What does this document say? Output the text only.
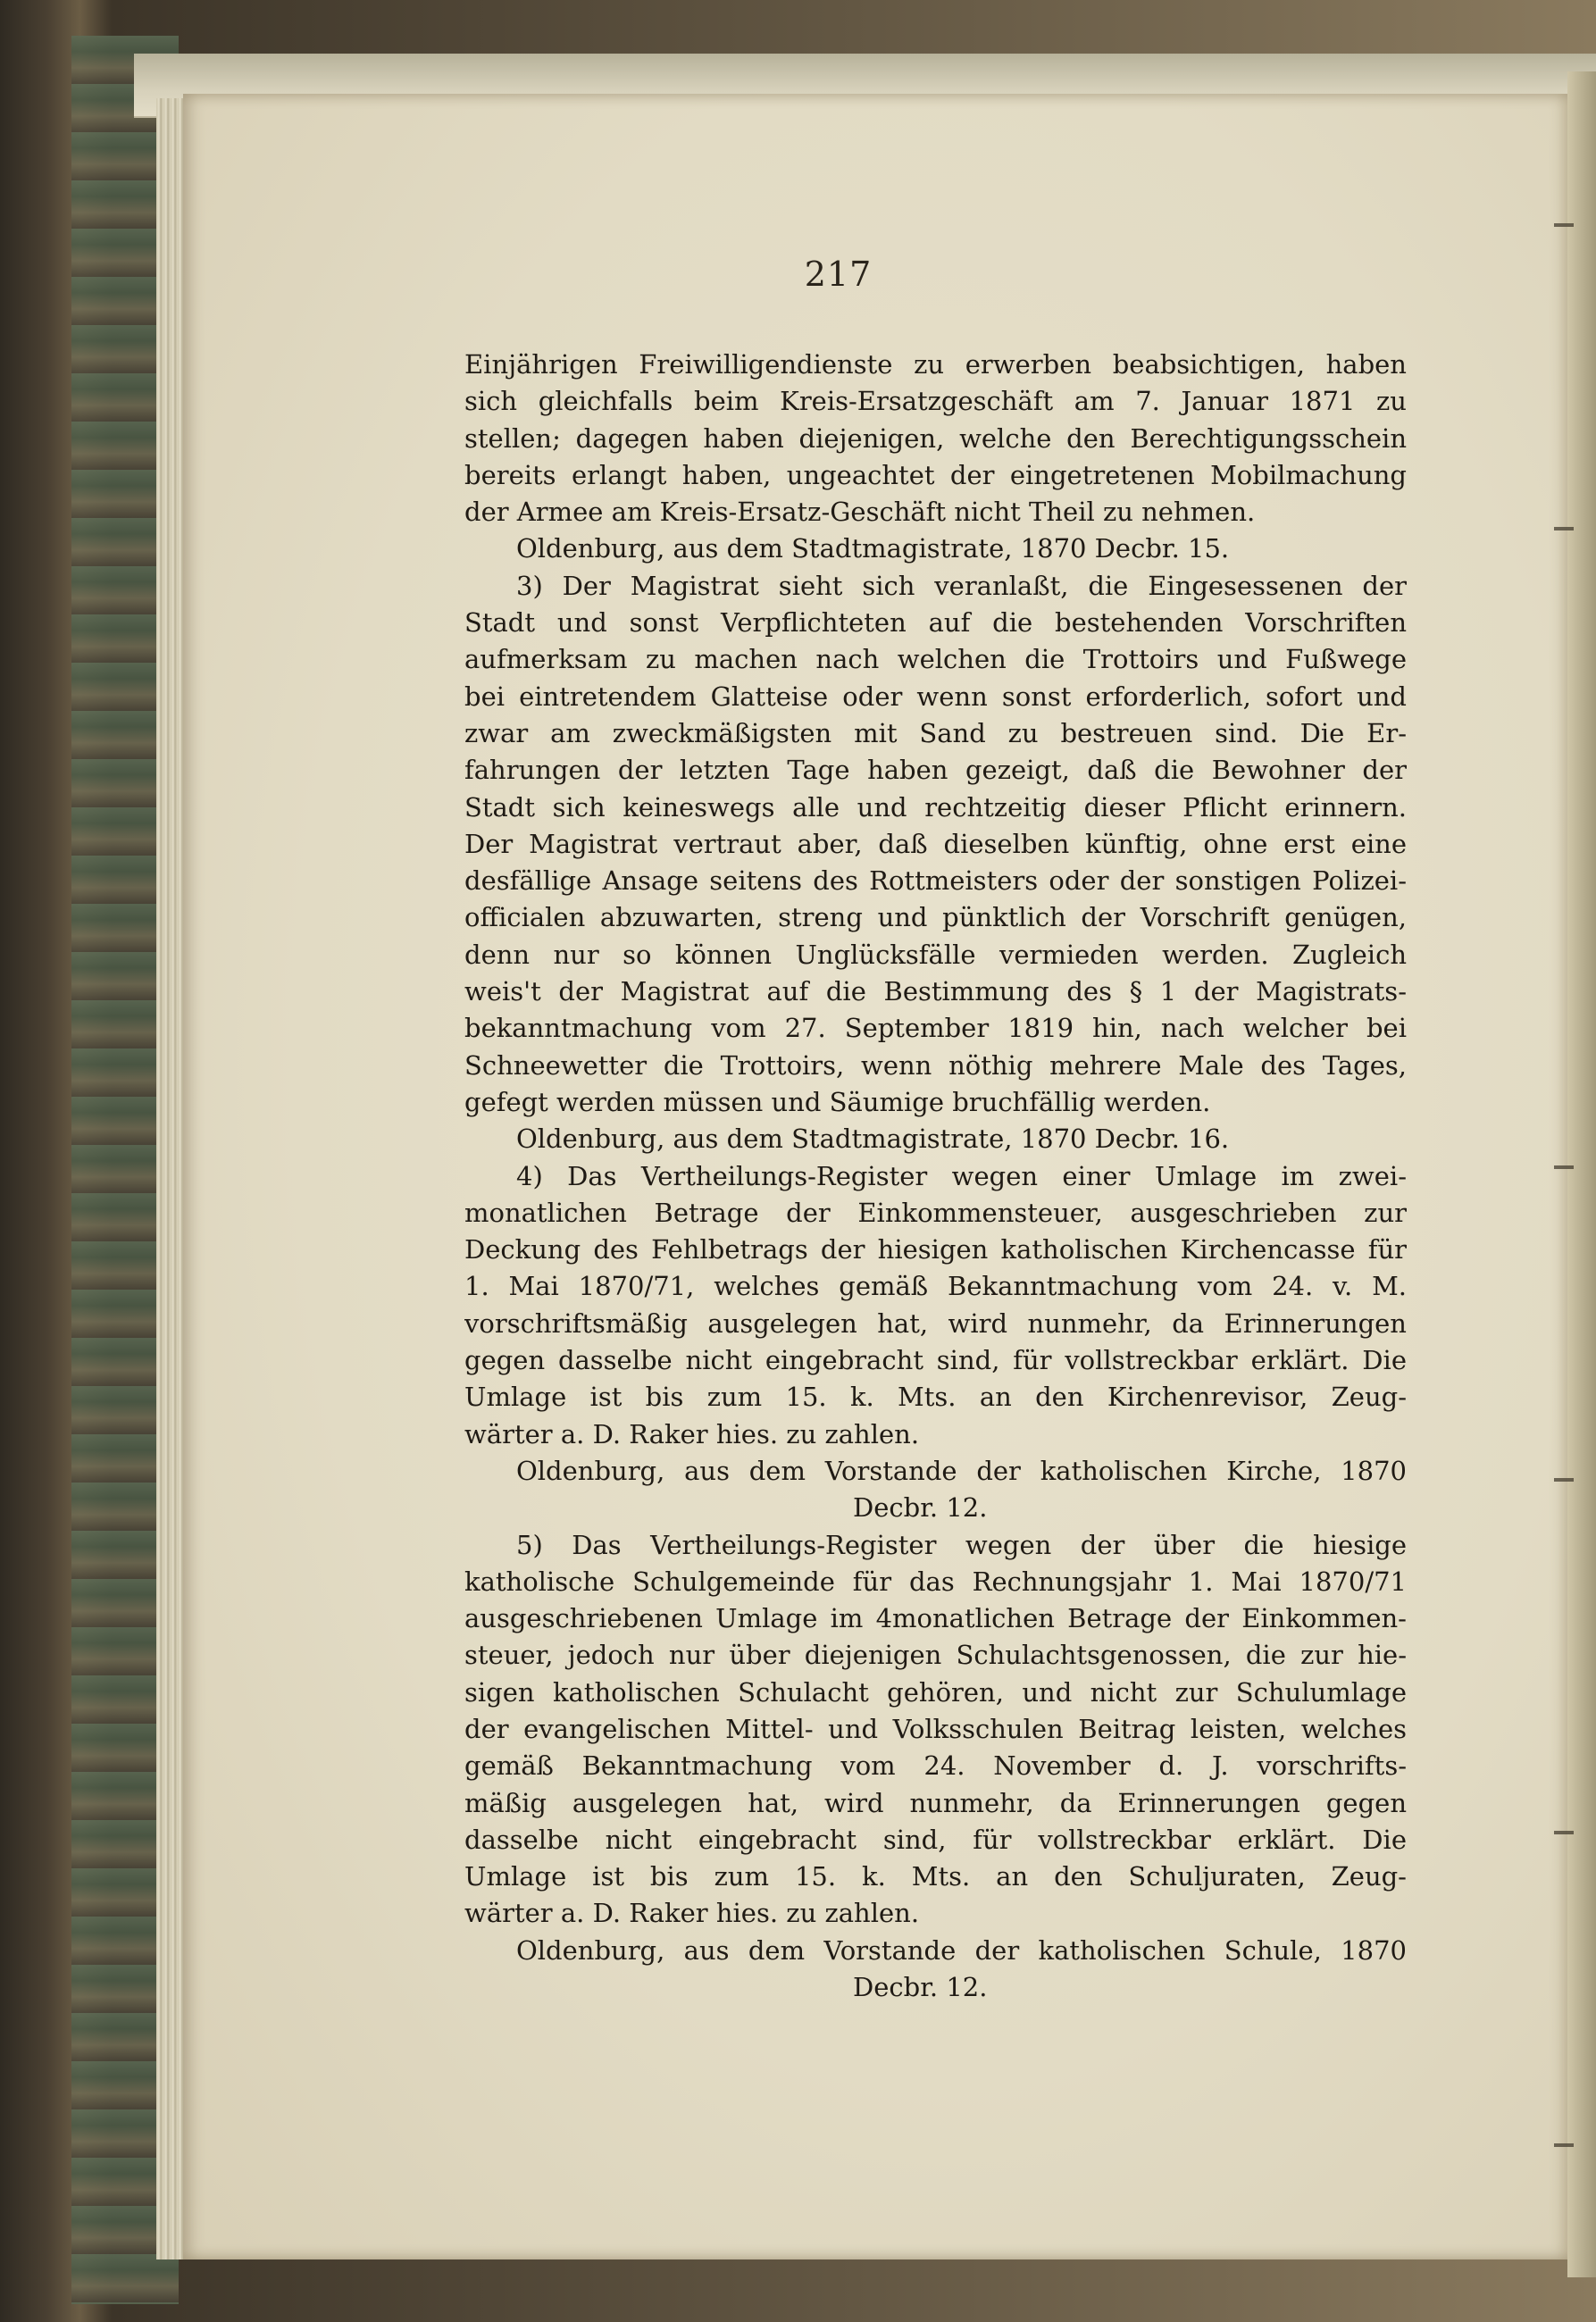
217
Einjährigen Freiwilligendienste zu erwerben beabsichtigen, haben
sich gleichfalls beim Kreis-Ersatzgeschäft am 7. Januar 1871 zu
stellen; dagegen haben diejenigen, welche den Berechtigungsschein
bereits erlangt haben, ungeachtet der eingetretenen Mobilmachung
der Armee am Kreis-Ersatz-Geschäft nicht Theil zu nehmen.
Oldenburg, aus dem Stadtmagistrate, 1870 Decbr. 15.
3) Der Magistrat sieht sich veranlaßt, die Eingesessenen der
Stadt und sonst Verpflichteten auf die bestehenden Vorschriften
aufmerksam zu machen nach welchen die Trottoirs und Fußwege
bei eintretendem Glatteise oder wenn sonst erforderlich, sofort und
zwar am zweckmäßigsten mit Sand zu bestreuen sind. Die Er-
fahrungen der letzten Tage haben gezeigt, daß die Bewohner der
Stadt sich keineswegs alle und rechtzeitig dieser Pflicht erinnern.
Der Magistrat vertraut aber, daß dieselben künftig, ohne erst eine
desfällige Ansage seitens des Rottmeisters oder der sonstigen Polizei-
officialen abzuwarten, streng und pünktlich der Vorschrift genügen,
denn nur so können Unglücksfälle vermieden werden. Zugleich
weis't der Magistrat auf die Bestimmung des § 1 der Magistrats-
bekanntmachung vom 27. September 1819 hin, nach welcher bei
Schneewetter die Trottoirs, wenn nöthig mehrere Male des Tages,
gefegt werden müssen und Säumige bruchfällig werden.
Oldenburg, aus dem Stadtmagistrate, 1870 Decbr. 16.
4) Das Vertheilungs-Register wegen einer Umlage im zwei-
monatlichen Betrage der Einkommensteuer, ausgeschrieben zur
Deckung des Fehlbetrags der hiesigen katholischen Kirchencasse für
1. Mai 1870/71, welches gemäß Bekanntmachung vom 24. v. M.
vorschriftsmäßig ausgelegen hat, wird nunmehr, da Erinnerungen
gegen dasselbe nicht eingebracht sind, für vollstreckbar erklärt. Die
Umlage ist bis zum 15. k. Mts. an den Kirchenrevisor, Zeug-
wärter a. D. Raker hies. zu zahlen.
Oldenburg, aus dem Vorstande der katholischen Kirche, 1870
Decbr. 12.
5) Das Vertheilungs-Register wegen der über die hiesige
katholische Schulgemeinde für das Rechnungsjahr 1. Mai 1870/71
ausgeschriebenen Umlage im 4monatlichen Betrage der Einkommen-
steuer, jedoch nur über diejenigen Schulachtsgenossen, die zur hie-
sigen katholischen Schulacht gehören, und nicht zur Schulumlage
der evangelischen Mittel- und Volksschulen Beitrag leisten, welches
gemäß Bekanntmachung vom 24. November d. J. vorschrifts-
mäßig ausgelegen hat, wird nunmehr, da Erinnerungen gegen
dasselbe nicht eingebracht sind, für vollstreckbar erklärt. Die
Umlage ist bis zum 15. k. Mts. an den Schuljuraten, Zeug-
wärter a. D. Raker hies. zu zahlen.
Oldenburg, aus dem Vorstande der katholischen Schule, 1870
Decbr. 12.
